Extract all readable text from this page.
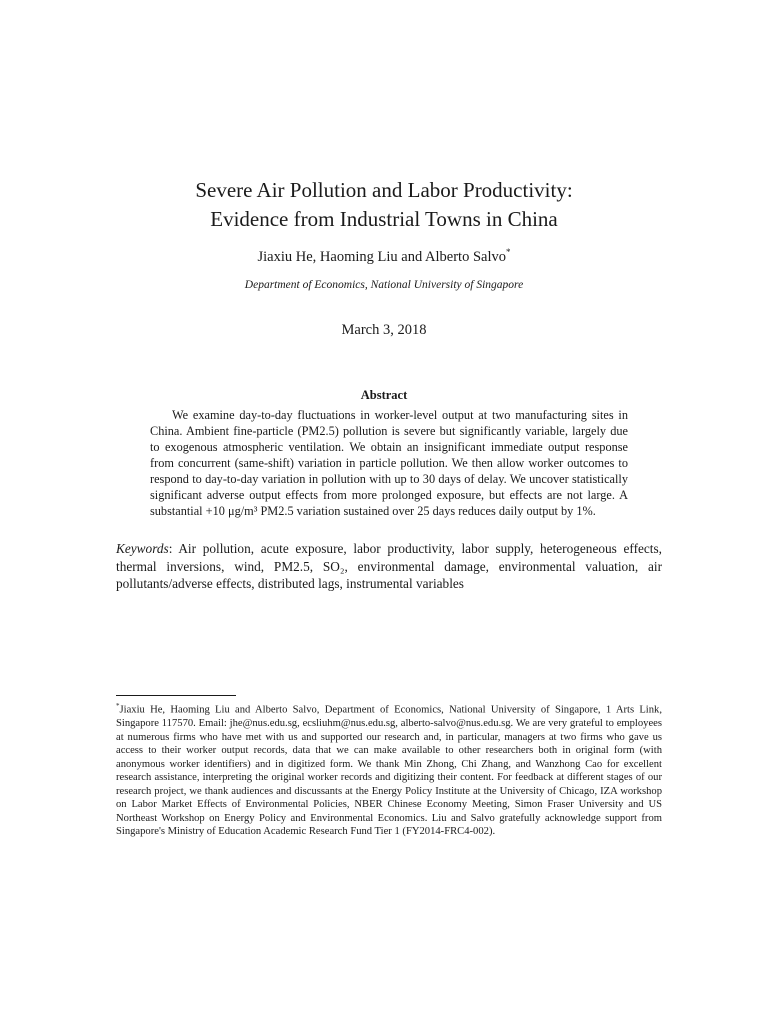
Severe Air Pollution and Labor Productivity:
Evidence from Industrial Towns in China
Jiaxiu He, Haoming Liu and Alberto Salvo*
Department of Economics, National University of Singapore
March 3, 2018
Abstract

We examine day-to-day fluctuations in worker-level output at two manufacturing sites in China. Ambient fine-particle (PM2.5) pollution is severe but significantly variable, largely due to exogenous atmospheric ventilation. We obtain an insignificant immediate output response from concurrent (same-shift) variation in particle pollution. We then allow worker outcomes to respond to day-to-day variation in pollution with up to 30 days of delay. We uncover statistically significant adverse output effects from more prolonged exposure, but effects are not large. A substantial +10 μg/m³ PM2.5 variation sustained over 25 days reduces daily output by 1%.

Keywords: Air pollution, acute exposure, labor productivity, labor supply, heterogeneous effects, thermal inversions, wind, PM2.5, SO₂, environmental damage, environmental valuation, air pollutants/adverse effects, distributed lags, instrumental variables

*Jiaxiu He, Haoming Liu and Alberto Salvo, Department of Economics, National University of Singapore, 1 Arts Link, Singapore 117570. Email: jhe@nus.edu.sg, ecsliuhm@nus.edu.sg, alberto-salvo@nus.edu.sg. We are very grateful to employees at numerous firms who have met with us and supported our research and, in particular, managers at two firms who gave us access to their worker output records, data that we can make available to other researchers both in original form (with anonymous worker identifiers) and in digitized form. We thank Min Zhong, Chi Zhang, and Wanzhong Cao for excellent research assistance, interpreting the original worker records and digitizing their content. For feedback at different stages of our research project, we thank audiences and discussants at the Energy Policy Institute at the University of Chicago, IZA workshop on Labor Market Effects of Environmental Policies, NBER Chinese Economy Meeting, Simon Fraser University and US Northeast Workshop on Energy Policy and Environmental Economics. Liu and Salvo gratefully acknowledge support from Singapore's Ministry of Education Academic Research Fund Tier 1 (FY2014-FRC4-002).
